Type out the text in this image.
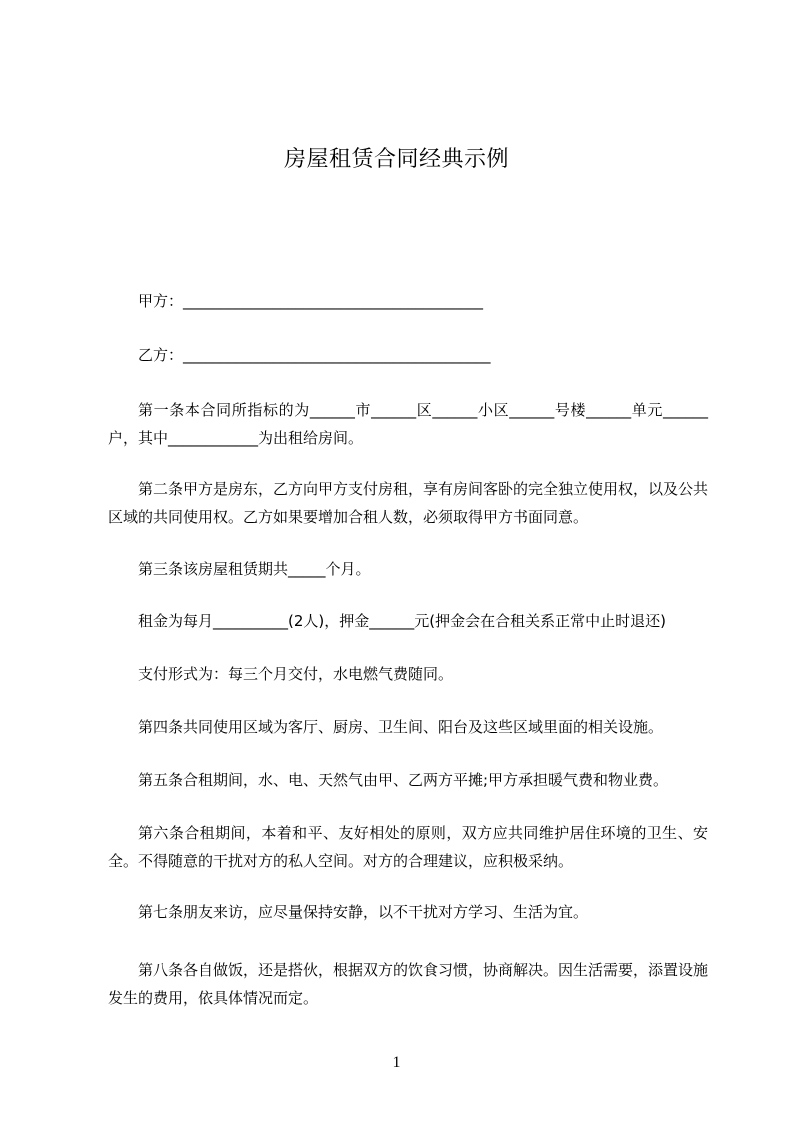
房屋租赁合同经典示例
甲方：________________________________________
乙方：_________________________________________
第一条本合同所指标的为______市______区______小区______号楼______单元______户，其中____________为出租给房间。
第二条甲方是房东，乙方向甲方支付房租，享有房间客卧的完全独立使用权，以及公共区域的共同使用权。乙方如果要增加合租人数，必须取得甲方书面同意。
第三条该房屋租赁期共_____个月。
租金为每月__________(2人)，押金______元(押金会在合租关系正常中止时退还)
支付形式为：每三个月交付，水电燃气费随同。
第四条共同使用区域为客厅、厨房、卫生间、阳台及这些区域里面的相关设施。
第五条合租期间，水、电、天然气由甲、乙两方平摊;甲方承担暖气费和物业费。
第六条合租期间，本着和平、友好相处的原则，双方应共同维护居住环境的卫生、安全。不得随意的干扰对方的私人空间。对方的合理建议，应积极采纳。
第七条朋友来访，应尽量保持安静，以不干扰对方学习、生活为宜。
第八条各自做饭，还是搭伙，根据双方的饮食习惯，协商解决。因生活需要，添置设施发生的费用，依具体情况而定。
1
